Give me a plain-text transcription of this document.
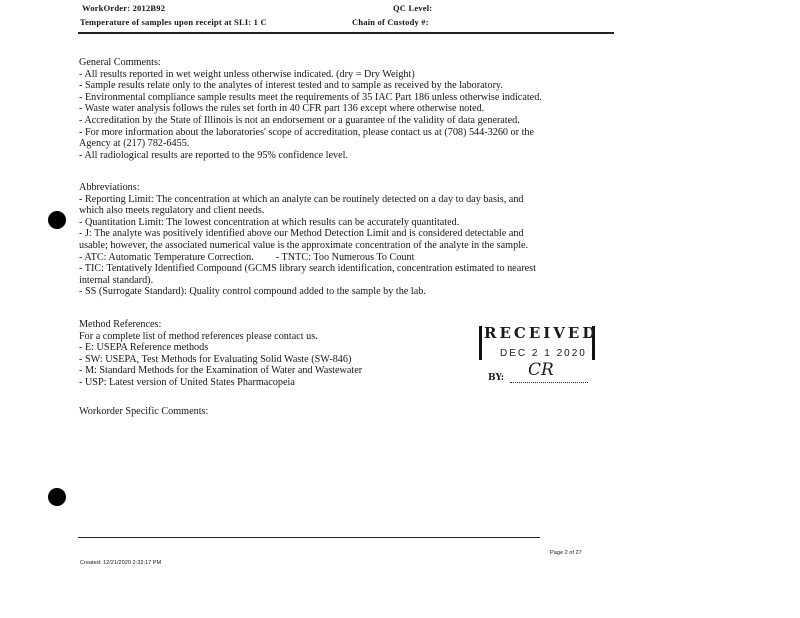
WorkOrder: 2012B92	QC Level:
Temperature of samples upon receipt at SLI: 1 C	Chain of Custody #:
General Comments:
- All results reported in wet weight unless otherwise indicated. (dry = Dry Weight)
- Sample results relate only to the analytes of interest tested and to sample as received by the laboratory.
- Environmental compliance sample results meet the requirements of 35 IAC Part 186 unless otherwise indicated.
- Waste water analysis follows the rules set forth in 40 CFR part 136 except where otherwise noted.
- Accreditation by the State of Illinois is not an endorsement or a guarantee of the validity of data generated.
- For more information about the laboratories' scope of accreditation, please contact us at (708) 544-3260 or the
Agency at (217) 782-6455.
- All radiological results are reported to the 95% confidence level.
Abbreviations:
- Reporting Limit: The concentration at which an analyte can be routinely detected on a day to day basis, and
which also meets regulatory and client needs.
- Quantitation Limit: The lowest concentration at which results can be accurately quantitated.
- J: The analyte was positively identified above our Method Detection Limit and is considered detectable and
usable; however, the associated numerical value is the approximate concentration of the analyte in the sample.
- ATC: Automatic Temperature Correction. - TNTC: Too Numerous To Count
- TIC: Tentatively Identified Compound (GCMS library search identification, concentration estimated to nearest
internal standard).
- SS (Surrogate Standard): Quality control compound added to the sample by the lab.
Method References:
For a complete list of method references please contact us.
- E: USEPA Reference methods
- SW: USEPA, Test Methods for Evaluating Solid Waste (SW-846)
- M: Standard Methods for the Examination of Water and Wastewater
- USP: Latest version of United States Pharmacopeia
RECEIVED
DEC 2 1 2020
BY: CR
Workorder Specific Comments:
Page 2 of 27
Created: 12/21/2020 2:32:17 PM
